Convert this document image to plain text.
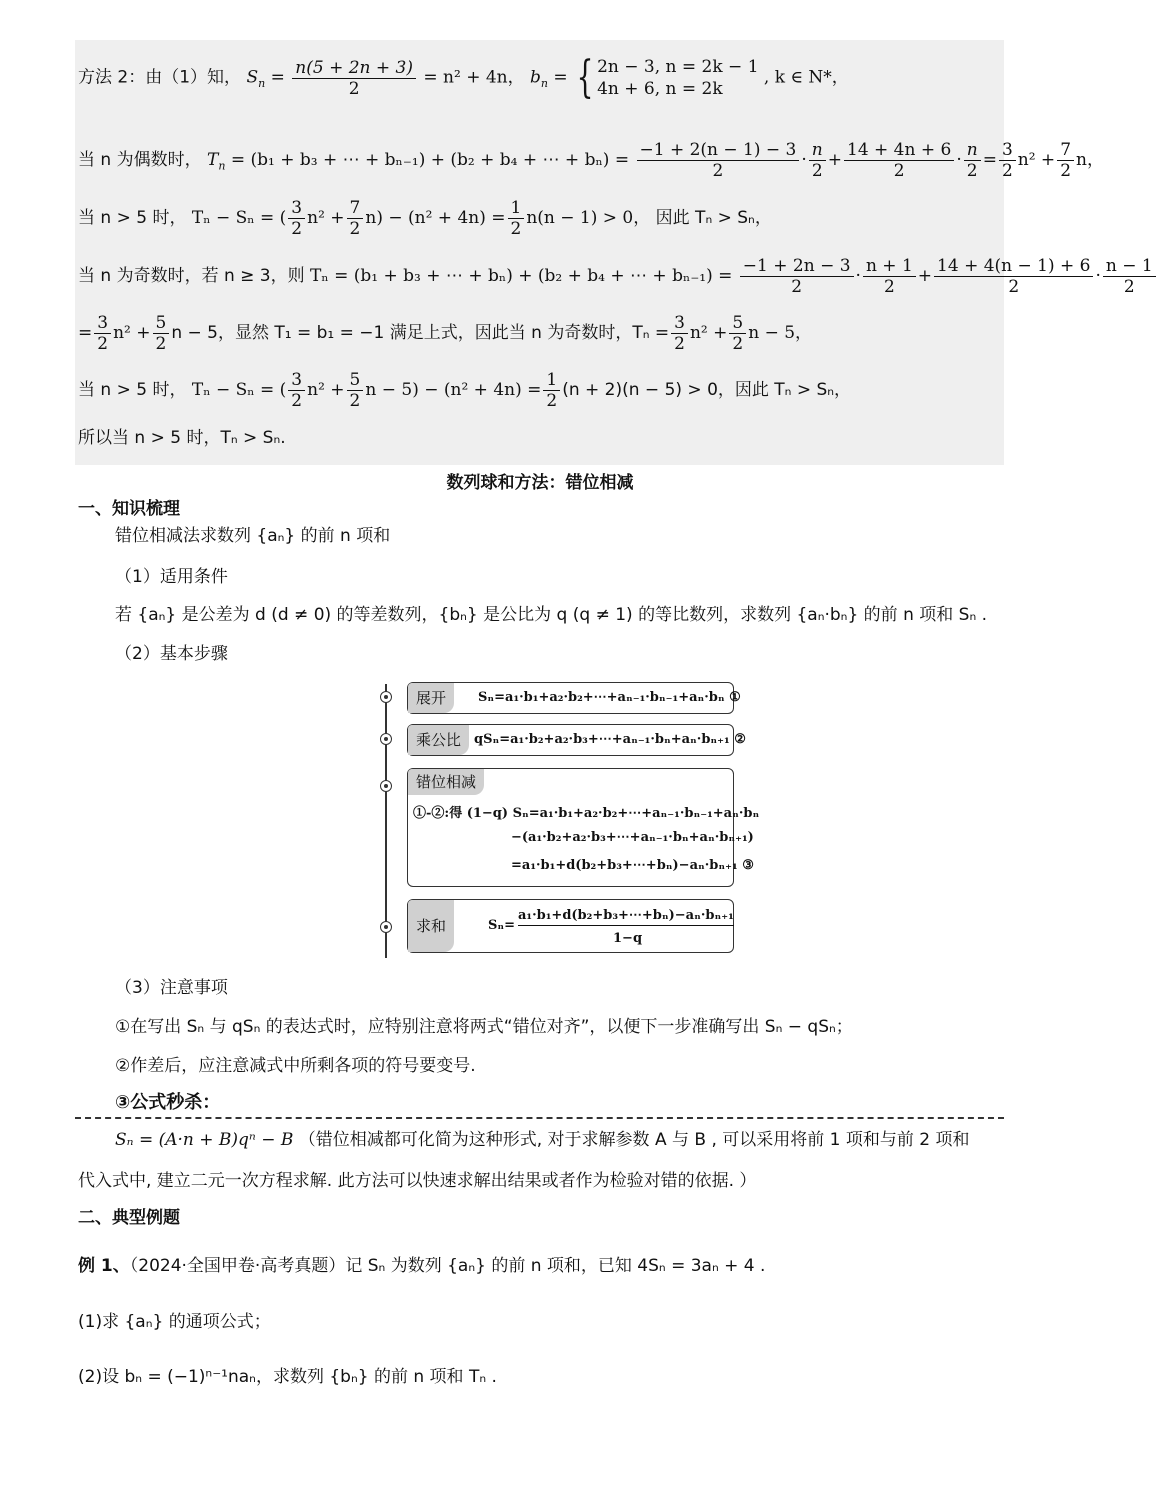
方法 2：由（1）知， $S_n = \frac{n(5 + 2n + 3)}{2} = n^2 + 4n$， $b_n$ = { 2n − 3, n = 2k − 1
4n + 6, n = 2k
, k ∈ N*，
当 n 为偶数时， $T_n = (b_1 + b_3$ + ⋯ + bₙ₋₁) + (b₂ + b₄ + ⋯ + $b_n) = \frac{-1 + 2(n - 1) - 3}{2} \cdot \frac{n}{2} + \frac{14 + 4n + 6}{2} \cdot \frac{n}{2} = \frac{3}{2} n^2 + \frac{7}{2}$ n，
当 n > 5 时， Tₙ − Sₙ = ( $\frac{3}{2} n^2 + \frac{7}{2} n) - (n^2 + 4n) = \frac{1}{2} n(n - 1) > 0$， 因此 Tₙ > Sₙ，
当 n 为奇数时，若 n ≥ 3，则 Tₙ = (b₁ + b₃ + ⋯ + bₙ) + (b₂ + b₄ + ⋯ + $b_{n-1}) = \frac{-1 + 2n - 3}{2} \cdot \frac{n + 1}{2} + \frac{14 + 4(n - 1) + 6}{2} \cdot \frac{n - 1}{2}$
= $\frac{3}{2} n^2 + \frac{5}{2}$ n − 5，显然 T₁ = b₁ = −1 满足上式，因此当 n 为奇数时，$T_n = \frac{3}{2} n^2 + \frac{5}{2}$ n − 5，
当 n > 5 时， Tₙ − Sₙ = ( $\frac{3}{2} n^2 + \frac{5}{2}$ $n - 5) - (n^2 + 4n) = \frac{1}{2} (n + 2)(n - 5) > 0$，因此 Tₙ > Sₙ，
所以当 n > 5 时，Tₙ > Sₙ.
数列球和方法：错位相减
一、知识梳理
错位相减法求数列 {aₙ} 的前 n 项和
（1）适用条件
若 {aₙ} 是公差为 d (d ≠ 0) 的等差数列，{bₙ} 是公比为 q (q ≠ 1) 的等比数列，求数列 {aₙ·bₙ} 的前 n 项和 Sₙ .
（2）基本步骤
展开	Sₙ=a₁·b₁+a₂·b₂+⋯+aₙ₋₁·bₙ₋₁+aₙ·bₙ ①
乘公比 qSₙ=a₁·b₂+a₂·b₃+⋯+aₙ₋₁·bₙ+aₙ·bₙ₊₁ ②
错位相减
①-②:得 (1−q) Sₙ=a₁·b₁+a₂·b₂+⋯+aₙ₋₁·bₙ₋₁+aₙ·bₙ
−(a₁·b₂+a₂·b₃+⋯+aₙ₋₁·bₙ+aₙ·bₙ₊₁)
=a₁·b₁+d(b₂+b₃+⋯+bₙ)−aₙ·bₙ₊₁ ③
求和	Sₙ=
a₁·b₁+d(b₂+b₃+⋯+bₙ)−aₙ·bₙ₊₁
1−q
（3）注意事项
①在写出 Sₙ 与 qSₙ 的表达式时，应特别注意将两式“错位对齐”，以便下一步准确写出 Sₙ − qSₙ；
②作差后，应注意减式中所剩各项的符号要变号.
③公式秒杀：
Sₙ = (A·n + B)qⁿ − B （错位相减都可化简为这种形式, 对于求解参数 A 与 B , 可以采用将前 1 项和与前 2 项和
代入式中, 建立二元一次方程求解. 此方法可以快速求解出结果或者作为检验对错的依据. ）
二、典型例题
例 1、（2024·全国甲卷·高考真题）记 Sₙ 为数列 {aₙ} 的前 n 项和，已知 4Sₙ = 3aₙ + 4 .
(1)求 {aₙ} 的通项公式；
(2)设 bₙ = (−1)ⁿ⁻¹naₙ，求数列 {bₙ} 的前 n 项和 Tₙ .
